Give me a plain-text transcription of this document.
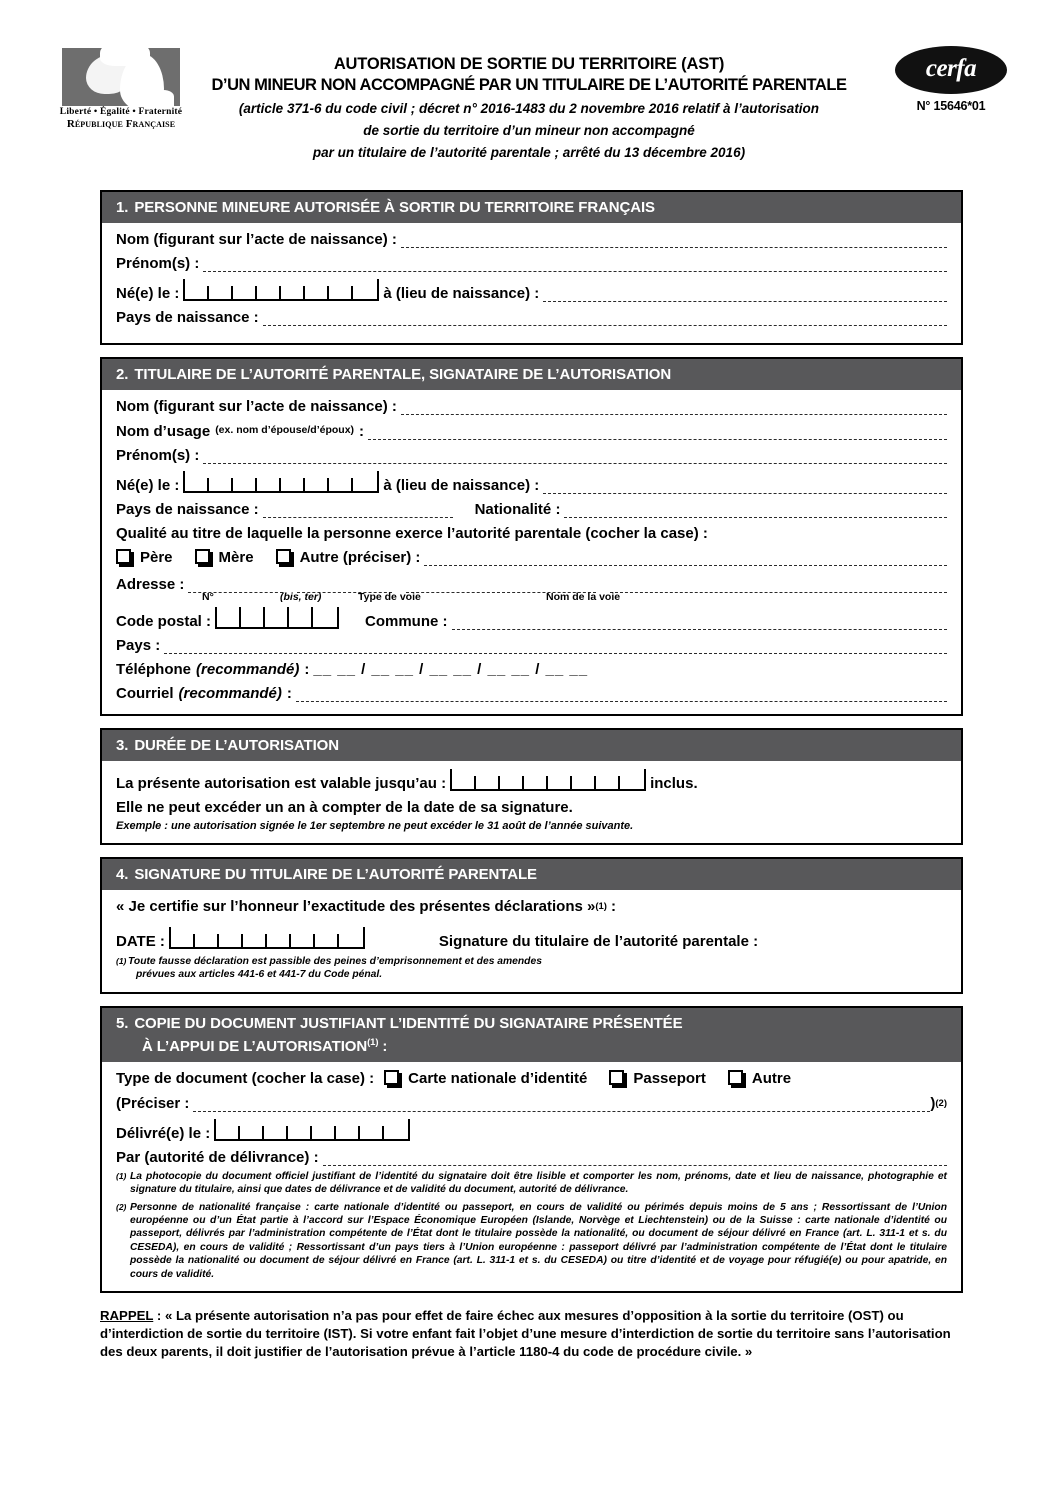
Liberté • Égalité • Fraternité
République Française
AUTORISATION DE SORTIE DU TERRITOIRE (AST)
D’UN MINEUR NON ACCOMPAGNÉ PAR UN TITULAIRE DE L’AUTORITÉ PARENTALE
(article 371-6 du code civil ; décret n° 2016-1483 du 2 novembre 2016 relatif à l’autorisation
de sortie du territoire d’un mineur non accompagné
par un titulaire de l’autorité parentale ; arrêté du 13 décembre 2016)
cerfa
N° 15646*01
1. PERSONNE MINEURE AUTORISÉE À SORTIR DU TERRITOIRE FRANÇAIS
Nom (figurant sur l’acte de naissance) :
Prénom(s) :
Né(e) le :	à (lieu de naissance) :
Pays de naissance :
2. TITULAIRE DE L’AUTORITÉ PARENTALE, SIGNATAIRE DE L’AUTORISATION
Nom (figurant sur l’acte de naissance) :
Nom d’usage (ex. nom d’épouse/d’époux) :
Prénom(s) :
Né(e) le :	à (lieu de naissance) :
Pays de naissance :	Nationalité :
Qualité au titre de laquelle la personne exerce l’autorité parentale (cocher la case) :
Père	Mère	Autre (préciser) :
Adresse :
N°	(bis, ter)	Type de voie	Nom de la voie
Code postal :	Commune :
Pays :
Téléphone (recommandé) : __ __ / __ __ / __ __ / __ __ / __ __
Courriel (recommandé) :
3. DURÉE DE L’AUTORISATION
La présente autorisation est valable jusqu’au :	inclus.
Elle ne peut excéder un an à compter de la date de sa signature.
Exemple : une autorisation signée le 1er septembre ne peut excéder le 31 août de l’année suivante.
4. SIGNATURE DU TITULAIRE DE L’AUTORITÉ PARENTALE
« Je certifie sur l’honneur l’exactitude des présentes déclarations » (1) :
DATE :	Signature du titulaire de l’autorité parentale :
(1) Toute fausse déclaration est passible des peines d’emprisonnement et des amendes
prévues aux articles 441-6 et 441-7 du Code pénal.
5. COPIE DU DOCUMENT JUSTIFIANT L’IDENTITÉ DU SIGNATAIRE PRÉSENTÉE
À L’APPUI DE L’AUTORISATION$^{(1)}$ :
Type de document (cocher la case) : Carte nationale d’identité	Passeport	Autre
(Préciser :	) (2)
Délivré(e) le :
Par (autorité de délivrance) :
(1) La photocopie du document officiel justifiant de l’identité du signataire doit être lisible et comporter les nom, prénoms, date et lieu de naissance, photographie et signature du titulaire, ainsi que dates de délivrance et de validité du document, autorité de délivrance.
(2) Personne de nationalité française : carte nationale d’identité ou passeport, en cours de validité ou périmés depuis moins de 5 ans ; Ressortissant de l’Union européenne ou d’un État partie à l’accord sur l’Espace Économique Européen (Islande, Norvège et Liechtenstein) ou de la Suisse : carte nationale d’identité ou passeport, délivrés par l’administration compétente de l’État dont le titulaire possède la nationalité, ou document de séjour délivré en France (art. L. 311-1 et s. du CESEDA), en cours de validité ; Ressortissant d’un pays tiers à l’Union européenne : passeport délivré par l’administration compétente de l’État dont le titulaire possède la nationalité ou document de séjour délivré en France (art. L. 311-1 et s. du CESEDA) ou titre d’identité et de voyage pour réfugié(e) ou pour apatride, en cours de validité.
RAPPEL : « La présente autorisation n’a pas pour effet de faire échec aux mesures d’opposition à la sortie du territoire (OST) ou d’interdiction de sortie du territoire (IST). Si votre enfant fait l’objet d’une mesure d’interdiction de sortie du territoire sans l’autorisation des deux parents, il doit justifier de l’autorisation prévue à l’article 1180-4 du code de procédure civile. »
